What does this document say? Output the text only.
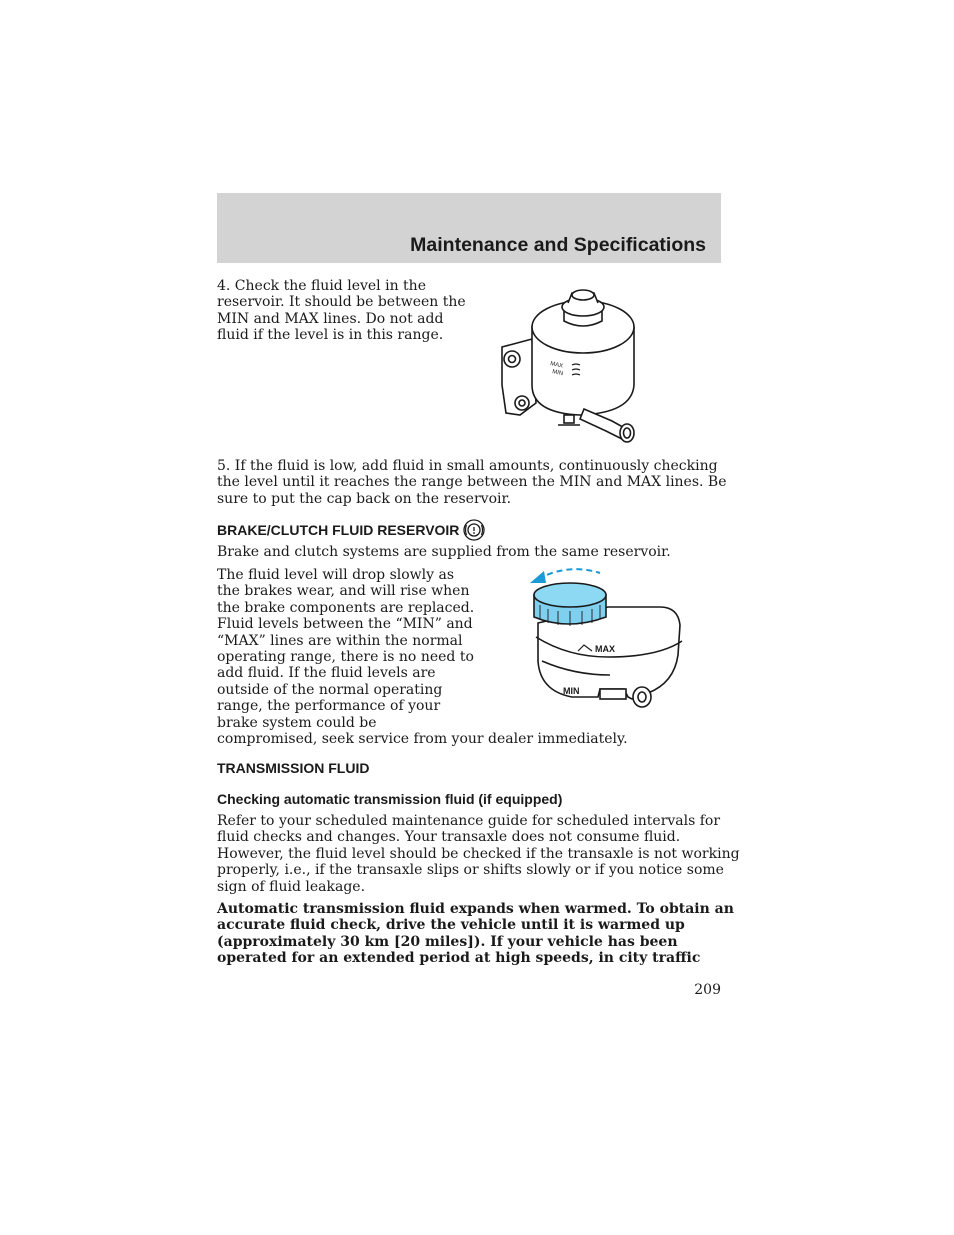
Maintenance and Specifications

4. Check the fluid level in the
reservoir. It should be between the
MIN and MAX lines. Do not add
fluid if the level is in this range.

MAX
MIN

5. If the fluid is low, add fluid in small amounts, continuously checking
the level until it reaches the range between the MIN and MAX lines. Be
sure to put the cap back on the reservoir.

BRAKE/CLUTCH FLUID RESERVOIR

Brake and clutch systems are supplied from the same reservoir.

The fluid level will drop slowly as
the brakes wear, and will rise when
the brake components are replaced.
Fluid levels between the “MIN” and
“MAX” lines are within the normal
operating range, there is no need to
add fluid. If the fluid levels are
outside of the normal operating
range, the performance of your
brake system could be
compromised, seek service from your dealer immediately.

MAX
MIN
TRANSMISSION FLUID
Checking automatic transmission fluid (if equipped)

Refer to your scheduled maintenance guide for scheduled intervals for
fluid checks and changes. Your transaxle does not consume fluid.
However, the fluid level should be checked if the transaxle is not working
properly, i.e., if the transaxle slips or shifts slowly or if you notice some
sign of fluid leakage.

Automatic transmission fluid expands when warmed. To obtain an
accurate fluid check, drive the vehicle until it is warmed up
(approximately 30 km [20 miles]). If your vehicle has been
operated for an extended period at high speeds, in city traffic

209
